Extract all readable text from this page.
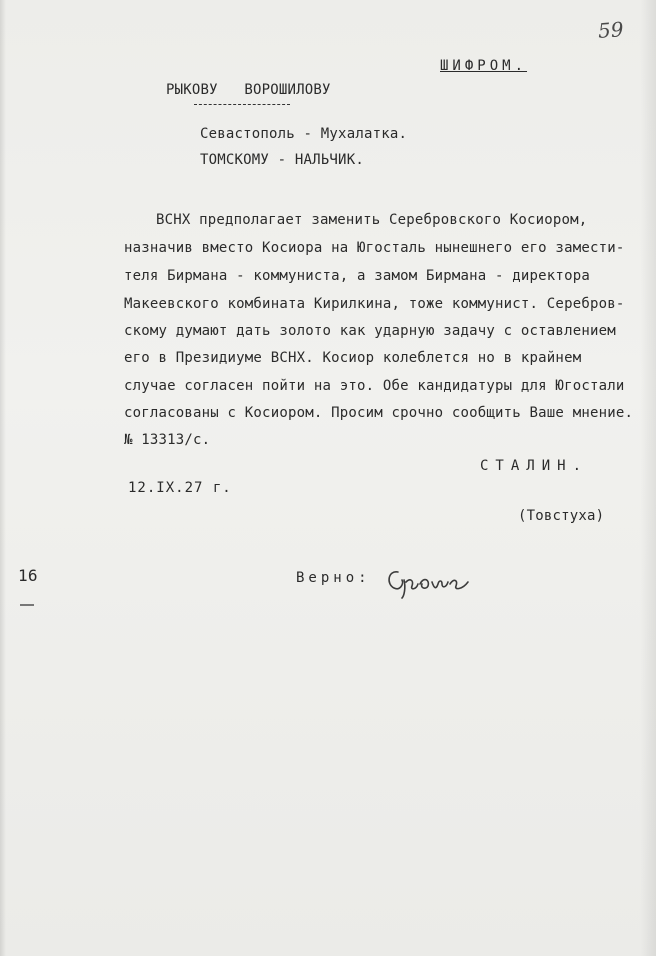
59
ШИФРОМ.
РЫКОВУ ВОРОШИЛОВУ
Севастополь - Мухалатка.
ТОМСКОМУ - НАЛЬЧИК.
ВСНХ предполагает заменить Серебровского Косиором,
назначив вместо Косиора на Югосталь нынешнего его замести-
теля Бирмана - коммуниста, а замом Бирмана - директора
Макеевского комбината Кирилкина, тоже коммунист. Серебров-
скому думают дать золото как ударную задачу с оставлением
его в Президиуме ВСНХ. Косиор колеблется но в крайнем
случае согласен пойти на это. Обе кандидатуры для Югостали
согласованы с Косиором. Просим срочно сообщить Ваше мнение.
№ 13313/с.
СТАЛИН.
12.IX.27 г.
(Товстуха)
16	Верно:
